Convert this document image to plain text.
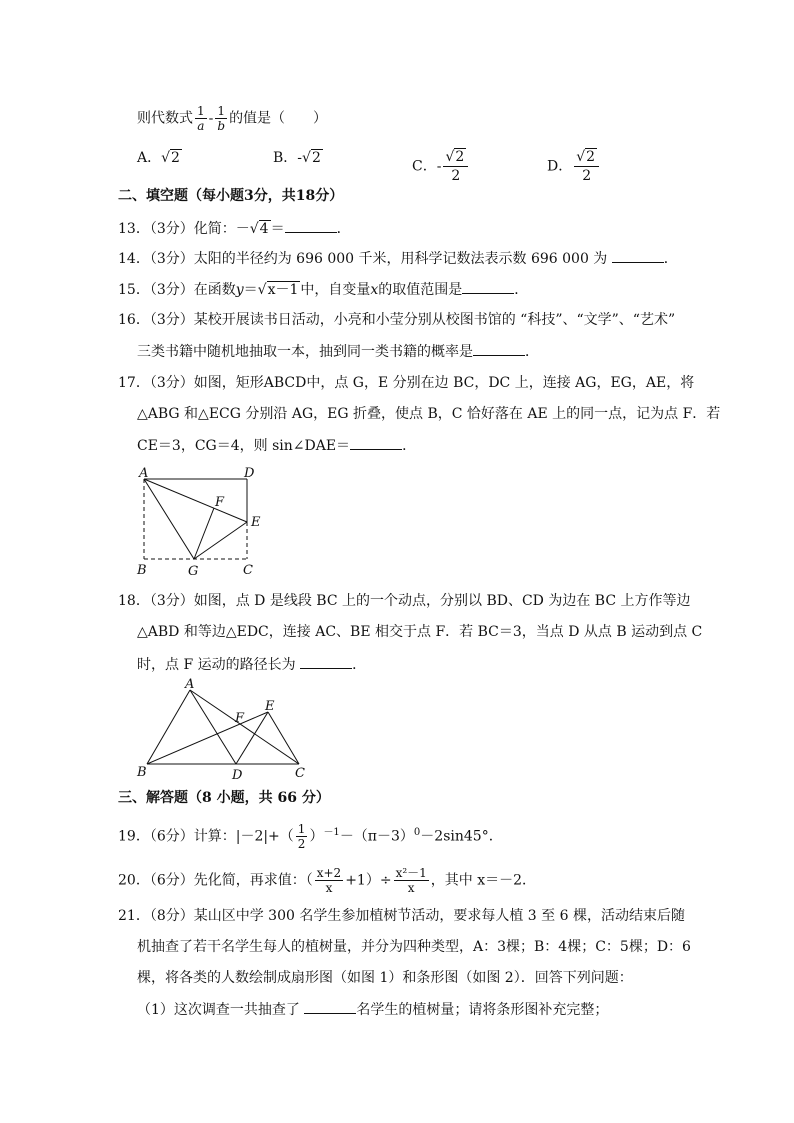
则代数式 $\frac{1}{a} - \frac{1}{b}$ 的值是（　　）
A．√2	B．-√2
C．- $\frac{√2}{2}$	D． $\frac{√2}{2}$
二、填空题（每小题3分，共18分）
13．（3分）化简：－√4 ＝	．
14．（3分）太阳的半径约为 696 000 千米，用科学记数法表示数 696 000 为	．
15．（3分）在函数y＝√x－1 中，自变量x的取值范围是	．
16．（3分）某校开展读书日活动，小亮和小莹分别从校图书馆的 “科技”、“文学”、“艺术”
三类书籍中随机地抽取一本，抽到同一类书籍的概率是	．
17．（3分）如图，矩形ABCD中，点 G，E 分别在边 BC，DC 上，连接 AG，EG，AE，将
△ABG 和△ECG 分别沿 AG，EG 折叠，使点 B，C 恰好落在 AE 上的同一点，记为点 F．若
CE＝3，CG＝4，则 sin∠DAE＝	．
A	D
F
E
B	G	C
18．（3分）如图，点 D 是线段 BC 上的一个动点，分别以 BD、CD 为边在 BC 上方作等边
△ABD 和等边△EDC，连接 AC、BE 相交于点 F．若 BC＝3，当点 D 从点 B 运动到点 C
时，点 F 运动的路径长为	．
A
E
F
B	D	C
三、解答题（8 小题，共 66 分）
19．（6分）计算：$|-2|+( \frac{1}{2} )^{-1}-(\pi-3)^0-2\sin 45^\circ$．
20．（6分）先化简，再求值：（ $\frac{x+2}{x} +1)\div \frac{\text{x²－1}}{x}$ ，其中 x＝－2．
21．（8分）某山区中学 300 名学生参加植树节活动，要求每人植 3 至 6 棵，活动结束后随
机抽查了若干名学生每人的植树量，并分为四种类型，A：3棵；B：4棵；C：5棵；D：6
棵，将各类的人数绘制成扇形图（如图 1）和条形图（如图 2）．回答下列问题：
（1）这次调查一共抽查了	名学生的植树量；请将条形图补充完整；
